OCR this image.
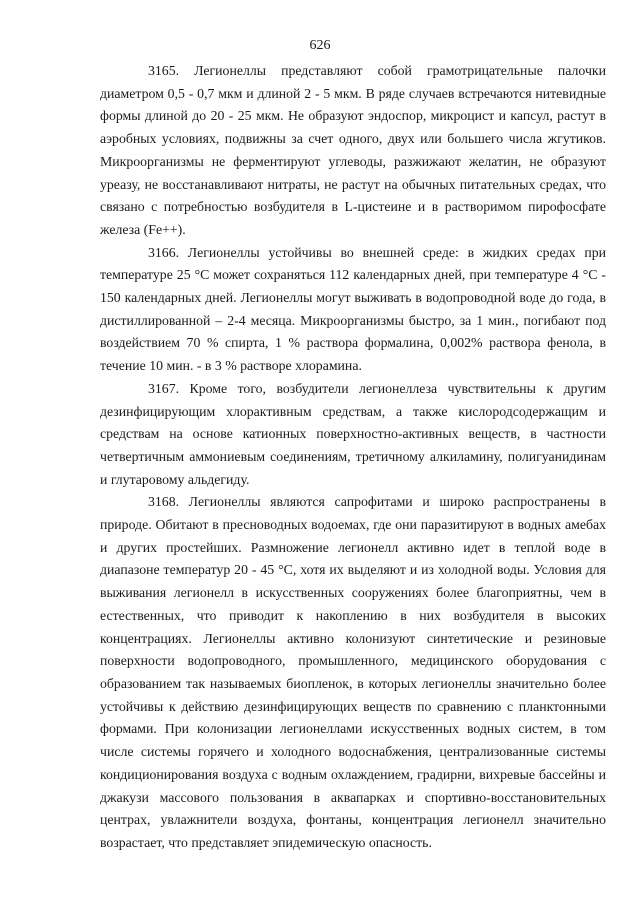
626

3165. Легионеллы представляют собой грамотрицательные палочки диаметром 0,5 - 0,7 мкм и длиной 2 - 5 мкм. В ряде случаев встречаются нитевидные формы длиной до 20 - 25 мкм. Не образуют эндоспор, микроцист и капсул, растут в аэробных условиях, подвижны за счет одного, двух или большего числа жгутиков. Микроорганизмы не ферментируют углеводы, разжижают желатин, не образуют уреазу, не восстанавливают нитраты, не растут на обычных питательных средах, что связано с потребностью возбудителя в L-цистеине и в растворимом пирофосфате железа (Fe++).

3166. Легионеллы устойчивы во внешней среде: в жидких средах при температуре 25 °С может сохраняться 112 календарных дней, при температуре 4 °С - 150 календарных дней. Легионеллы могут выживать в водопроводной воде до года, в дистиллированной – 2-4 месяца. Микроорганизмы быстро, за 1 мин., погибают под воздействием 70 % спирта, 1 % раствора формалина, 0,002% раствора фенола, в течение 10 мин. - в 3 % растворе хлорамина.

3167. Кроме того, возбудители легионеллеза чувствительны к другим дезинфицирующим хлорактивным средствам, а также кислородсодержащим и средствам на основе катионных поверхностно-активных веществ, в частности четвертичным аммониевым соединениям, третичному алкиламину, полигуанидинам и глутаровому альдегиду.

3168. Легионеллы являются сапрофитами и широко распространены в природе. Обитают в пресноводных водоемах, где они паразитируют в водных амебах и других простейших. Размножение легионелл активно идет в теплой воде в диапазоне температур 20 - 45 °С, хотя их выделяют и из холодной воды. Условия для выживания легионелл в искусственных сооружениях более благоприятны, чем в естественных, что приводит к накоплению в них возбудителя в высоких концентрациях. Легионеллы активно колонизуют синтетические и резиновые поверхности водопроводного, промышленного, медицинского оборудования с образованием так называемых биопленок, в которых легионеллы значительно более устойчивы к действию дезинфицирующих веществ по сравнению с планктонными формами. При колонизации легионеллами искусственных водных систем, в том числе системы горячего и холодного водоснабжения, централизованные системы кондиционирования воздуха с водным охлаждением, градирни, вихревые бассейны и джакузи массового пользования в аквапарках и спортивно-восстановительных центрах, увлажнители воздуха, фонтаны, концентрация легионелл значительно возрастает, что представляет эпидемическую опасность.
